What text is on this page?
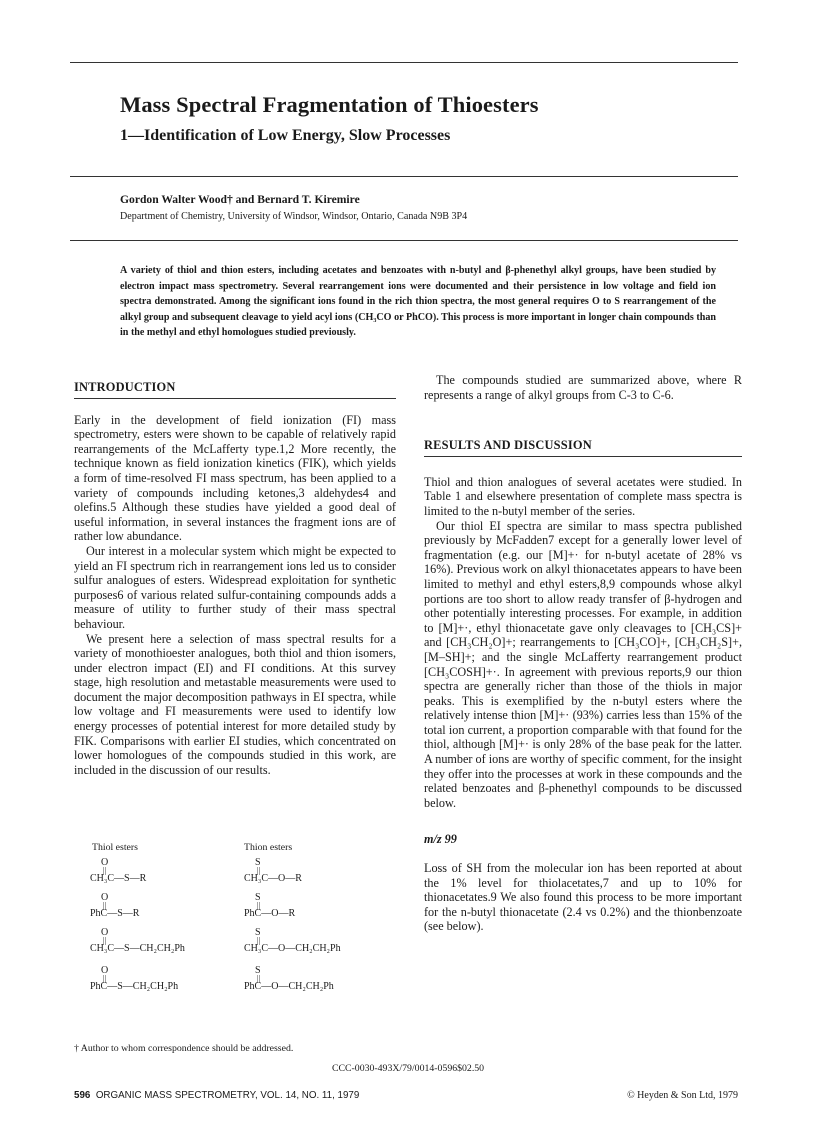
Mass Spectral Fragmentation of Thioesters
1—Identification of Low Energy, Slow Processes
Gordon Walter Wood† and Bernard T. Kiremire
Department of Chemistry, University of Windsor, Windsor, Ontario, Canada N9B 3P4

A variety of thiol and thion esters, including acetates and benzoates with n-butyl and β-phenethyl alkyl groups, have been studied by electron impact mass spectrometry. Several rearrangement ions were documented and their persistence in low voltage and field ion spectra demonstrated. Among the significant ions found in the rich thion spectra, the most general requires O to S rearrangement of the alkyl group and subsequent cleavage to yield acyl ions (CH₃CO or PhCO). This process is more important in longer chain compounds than in the methyl and ethyl homologues studied previously.

INTRODUCTION

Early in the development of field ionization (FI) mass spectrometry, esters were shown to be capable of relatively rapid rearrangements of the McLafferty type.1,2 More recently, the technique known as field ionization kinetics (FIK), which yields a form of time-resolved FI mass spectrum, has been applied to a variety of compounds including ketones,3 aldehydes4 and olefins.5 Although these studies have yielded a good deal of useful information, in several instances the fragment ions are of rather low abundance.

Our interest in a molecular system which might be expected to yield an FI spectrum rich in rearrangement ions led us to consider sulfur analogues of esters. Widespread exploitation for synthetic purposes6 of various related sulfur-containing compounds adds a measure of utility to further study of their mass spectral behaviour.

We present here a selection of mass spectral results for a variety of monothioester analogues, both thiol and thion isomers, under electron impact (EI) and FI conditions. At this survey stage, high resolution and metastable measurements were used to document the major decomposition pathways in EI spectra, while low voltage and FI measurements were used to identify low energy processes of potential interest for more detailed study by FIK. Comparisons with earlier EI studies, which concentrated on lower homologues of the compounds studied in this work, are included in the discussion of our results.

Thiol esters	Thion esters
O
||
CH₃C—S—R
S
||
CH₃C—O—R
O
||
PhC—S—R
S
||
PhC—O—R
O
||
CH₃C—S—CH₂CH₂Ph
S
||
CH₃C—O—CH₂CH₂Ph
O
||
PhC—S—CH₂CH₂Ph
S
||
PhC—O—CH₂CH₂Ph
† Author to whom correspondence should be addressed.

The compounds studied are summarized above, where R represents a range of alkyl groups from C-3 to C-6.

RESULTS AND DISCUSSION

Thiol and thion analogues of several acetates were studied. In Table 1 and elsewhere presentation of complete mass spectra is limited to the n-butyl member of the series.

Our thiol EI spectra are similar to mass spectra published previously by McFadden7 except for a generally lower level of fragmentation (e.g. our [M]+· for n-butyl acetate of 28% vs 16%). Previous work on alkyl thionacetates appears to have been limited to methyl and ethyl esters,8,9 compounds whose alkyl portions are too short to allow ready transfer of β-hydrogen and other potentially interesting processes. For example, in addition to [M]+·, ethyl thionacetate gave only cleavages to [CH₃CS]+ and [CH₃CH₂O]+; rearrangements to [CH₃CO]+, [CH₃CH₂S]+, [M–SH]+; and the single McLafferty rearrangement product [CH₃COSH]+·. In agreement with previous reports,9 our thion spectra are generally richer than those of the thiols in major peaks. This is exemplified by the n-butyl esters where the relatively intense thion [M]+· (93%) carries less than 15% of the total ion current, a proportion comparable with that found for the thiol, although [M]+· is only 28% of the base peak for the latter. A number of ions are worthy of specific comment, for the insight they offer into the processes at work in these compounds and the related benzoates and β-phenethyl compounds to be discussed below.

m/z 99

Loss of SH from the molecular ion has been reported at about the 1% level for thiolacetates,7 and up to 10% for thionacetates.9 We also found this process to be more important for the n-butyl thionacetate (2.4 vs 0.2%) and the thionbenzoate (see below).

CCC-0030-493X/79/0014-0596$02.50
596 ORGANIC MASS SPECTROMETRY, VOL. 14, NO. 11, 1979	© Heyden & Son Ltd, 1979
